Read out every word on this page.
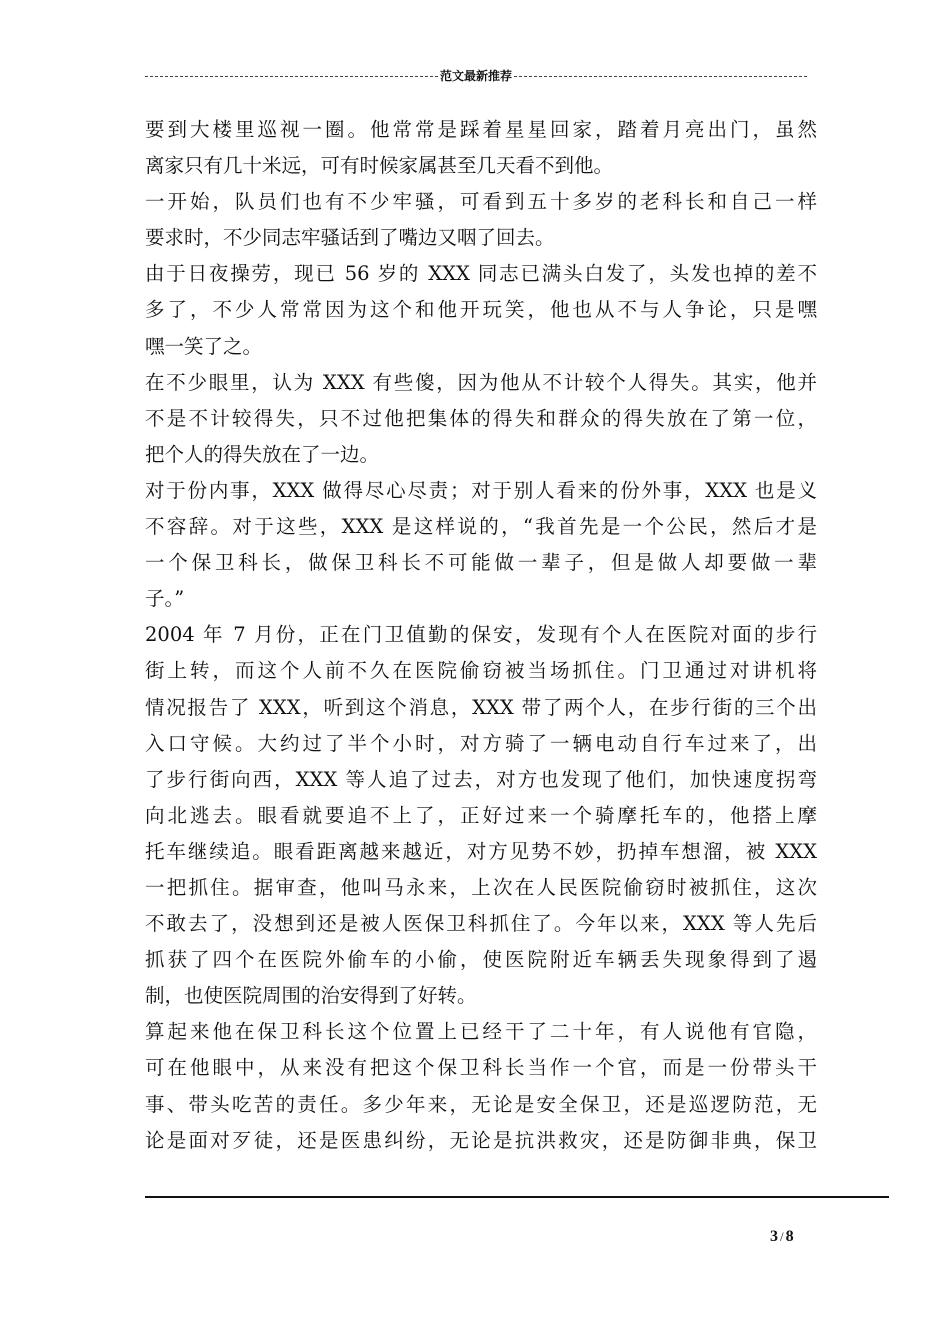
范文最新推荐
要到大楼里巡视一圈。他常常是踩着星星回家，踏着月亮出门，虽然
离家只有几十米远，可有时候家属甚至几天看不到他。
一开始，队员们也有不少牢骚，可看到五十多岁的老科长和自己一样
要求时，不少同志牢骚话到了嘴边又咽了回去。
由于日夜操劳，现已 56 岁的 XXX 同志已满头白发了，头发也掉的差不
多了，不少人常常因为这个和他开玩笑，他也从不与人争论，只是嘿
嘿一笑了之。
在不少眼里，认为 XXX 有些傻，因为他从不计较个人得失。其实，他并
不是不计较得失，只不过他把集体的得失和群众的得失放在了第一位，
把个人的得失放在了一边。
对于份内事，XXX 做得尽心尽责；对于别人看来的份外事，XXX 也是义
不容辞。对于这些，XXX 是这样说的，“我首先是一个公民，然后才是
一个保卫科长，做保卫科长不可能做一辈子，但是做人却要做一辈
子。”
2004 年 7 月份，正在门卫值勤的保安，发现有个人在医院对面的步行
街上转，而这个人前不久在医院偷窃被当场抓住。门卫通过对讲机将
情况报告了 XXX，听到这个消息，XXX 带了两个人，在步行街的三个出
入口守候。大约过了半个小时，对方骑了一辆电动自行车过来了，出
了步行街向西，XXX 等人追了过去，对方也发现了他们，加快速度拐弯
向北逃去。眼看就要追不上了，正好过来一个骑摩托车的，他搭上摩
托车继续追。眼看距离越来越近，对方见势不妙，扔掉车想溜，被 XXX
一把抓住。据审查，他叫马永来，上次在人民医院偷窃时被抓住，这次
不敢去了，没想到还是被人医保卫科抓住了。今年以来，XXX 等人先后
抓获了四个在医院外偷车的小偷，使医院附近车辆丢失现象得到了遏
制，也使医院周围的治安得到了好转。
算起来他在保卫科长这个位置上已经干了二十年，有人说他有官隐，
可在他眼中，从来没有把这个保卫科长当作一个官，而是一份带头干
事、带头吃苦的责任。多少年来，无论是安全保卫，还是巡逻防范，无
论是面对歹徒，还是医患纠纷，无论是抗洪救灾，还是防御非典，保卫
3 / 8
